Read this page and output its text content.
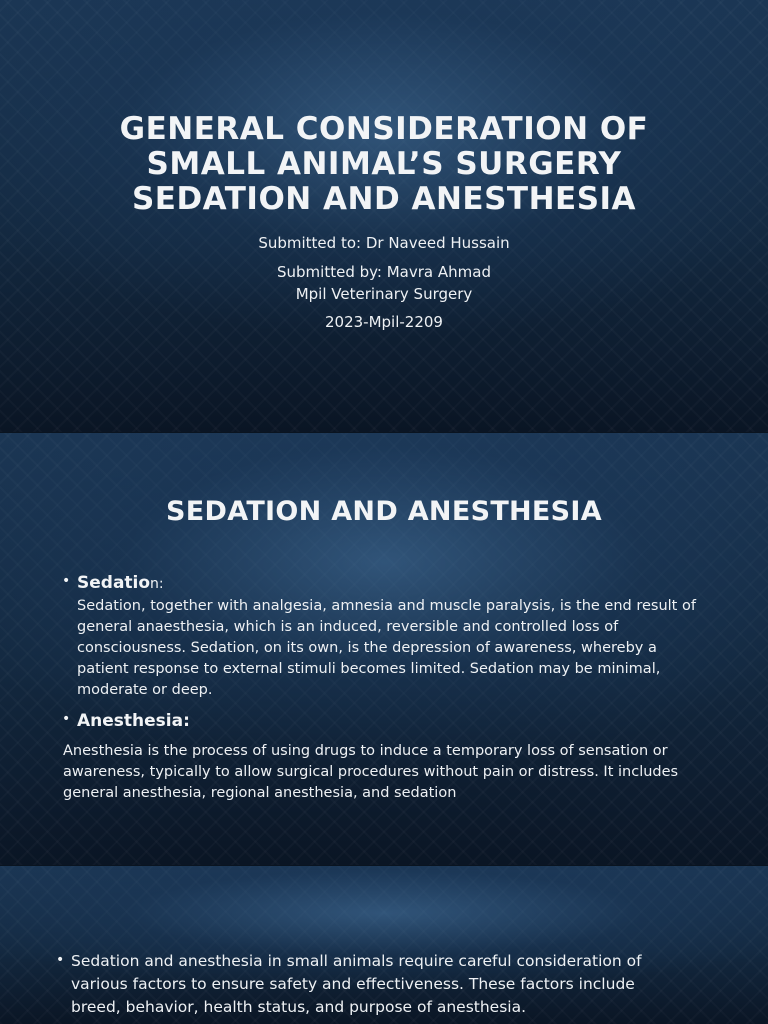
GENERAL CONSIDERATION OF
SMALL ANIMAL’S SURGERY
SEDATION AND ANESTHESIA

Submitted to: Dr Naveed Hussain

Submitted by: Mavra Ahmad

Mpil Veterinary Surgery

2023-Mpil-2209

SEDATION AND ANESTHESIA
• Sedation:

Sedation, together with analgesia, amnesia and muscle paralysis, is the end result of general anaesthesia, which is an induced, reversible and controlled loss of consciousness. Sedation, on its own, is the depression of awareness, whereby a patient response to external stimuli becomes limited. Sedation may be minimal, moderate or deep.

• Anesthesia:

Anesthesia is the process of using drugs to induce a temporary loss of sensation or awareness, typically to allow surgical procedures without pain or distress. It includes general anesthesia, regional anesthesia, and sedation

• Sedation and anesthesia in small animals require careful consideration of various factors to ensure safety and effectiveness. These factors include breed, behavior, health status, and purpose of anesthesia.
